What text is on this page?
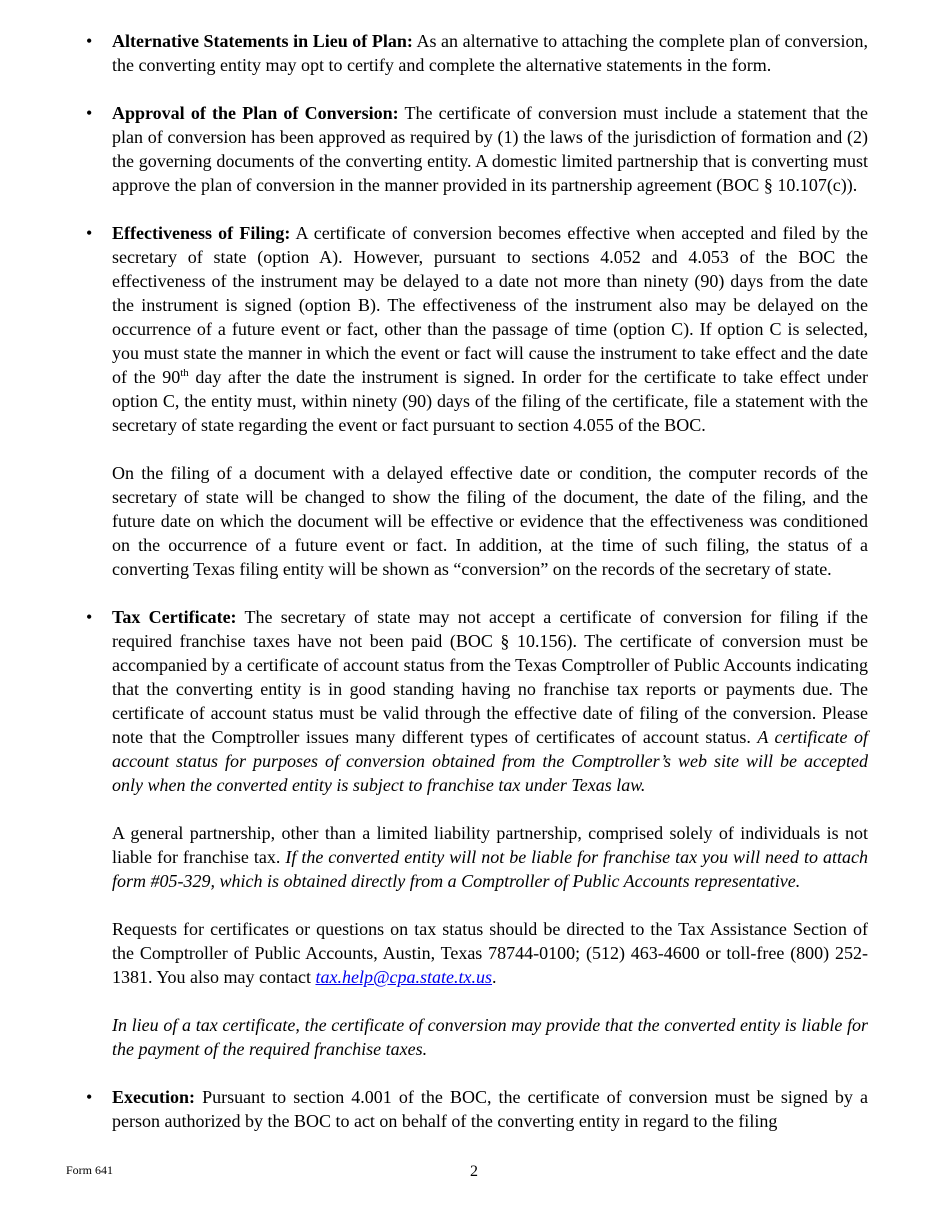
• Alternative Statements in Lieu of Plan: As an alternative to attaching the complete plan of conversion, the converting entity may opt to certify and complete the alternative statements in the form.

• Approval of the Plan of Conversion: The certificate of conversion must include a statement that the plan of conversion has been approved as required by (1) the laws of the jurisdiction of formation and (2) the governing documents of the converting entity. A domestic limited partnership that is converting must approve the plan of conversion in the manner provided in its partnership agreement (BOC § 10.107(c)).

• Effectiveness of Filing: A certificate of conversion becomes effective when accepted and filed by the secretary of state (option A). However, pursuant to sections 4.052 and 4.053 of the BOC the effectiveness of the instrument may be delayed to a date not more than ninety (90) days from the date the instrument is signed (option B). The effectiveness of the instrument also may be delayed on the occurrence of a future event or fact, other than the passage of time (option C). If option C is selected, you must state the manner in which the event or fact will cause the instrument to take effect and the date of the 90th day after the date the instrument is signed. In order for the certificate to take effect under option C, the entity must, within ninety (90) days of the filing of the certificate, file a statement with the secretary of state regarding the event or fact pursuant to section 4.055 of the BOC.

On the filing of a document with a delayed effective date or condition, the computer records of the secretary of state will be changed to show the filing of the document, the date of the filing, and the future date on which the document will be effective or evidence that the effectiveness was conditioned on the occurrence of a future event or fact. In addition, at the time of such filing, the status of a converting Texas filing entity will be shown as “conversion” on the records of the secretary of state.

• Tax Certificate: The secretary of state may not accept a certificate of conversion for filing if the required franchise taxes have not been paid (BOC § 10.156). The certificate of conversion must be accompanied by a certificate of account status from the Texas Comptroller of Public Accounts indicating that the converting entity is in good standing having no franchise tax reports or payments due. The certificate of account status must be valid through the effective date of filing of the conversion. Please note that the Comptroller issues many different types of certificates of account status. A certificate of account status for purposes of conversion obtained from the Comptroller’s web site will be accepted only when the converted entity is subject to franchise tax under Texas law.

A general partnership, other than a limited liability partnership, comprised solely of individuals is not liable for franchise tax. If the converted entity will not be liable for franchise tax you will need to attach form #05-329, which is obtained directly from a Comptroller of Public Accounts representative.

Requests for certificates or questions on tax status should be directed to the Tax Assistance Section of the Comptroller of Public Accounts, Austin, Texas 78744-0100; (512) 463-4600 or toll-free (800) 252-1381. You also may contact tax.help@cpa.state.tx.us.

In lieu of a tax certificate, the certificate of conversion may provide that the converted entity is liable for the payment of the required franchise taxes.

• Execution: Pursuant to section 4.001 of the BOC, the certificate of conversion must be signed by a person authorized by the BOC to act on behalf of the converting entity in regard to the filing

Form 641	2
